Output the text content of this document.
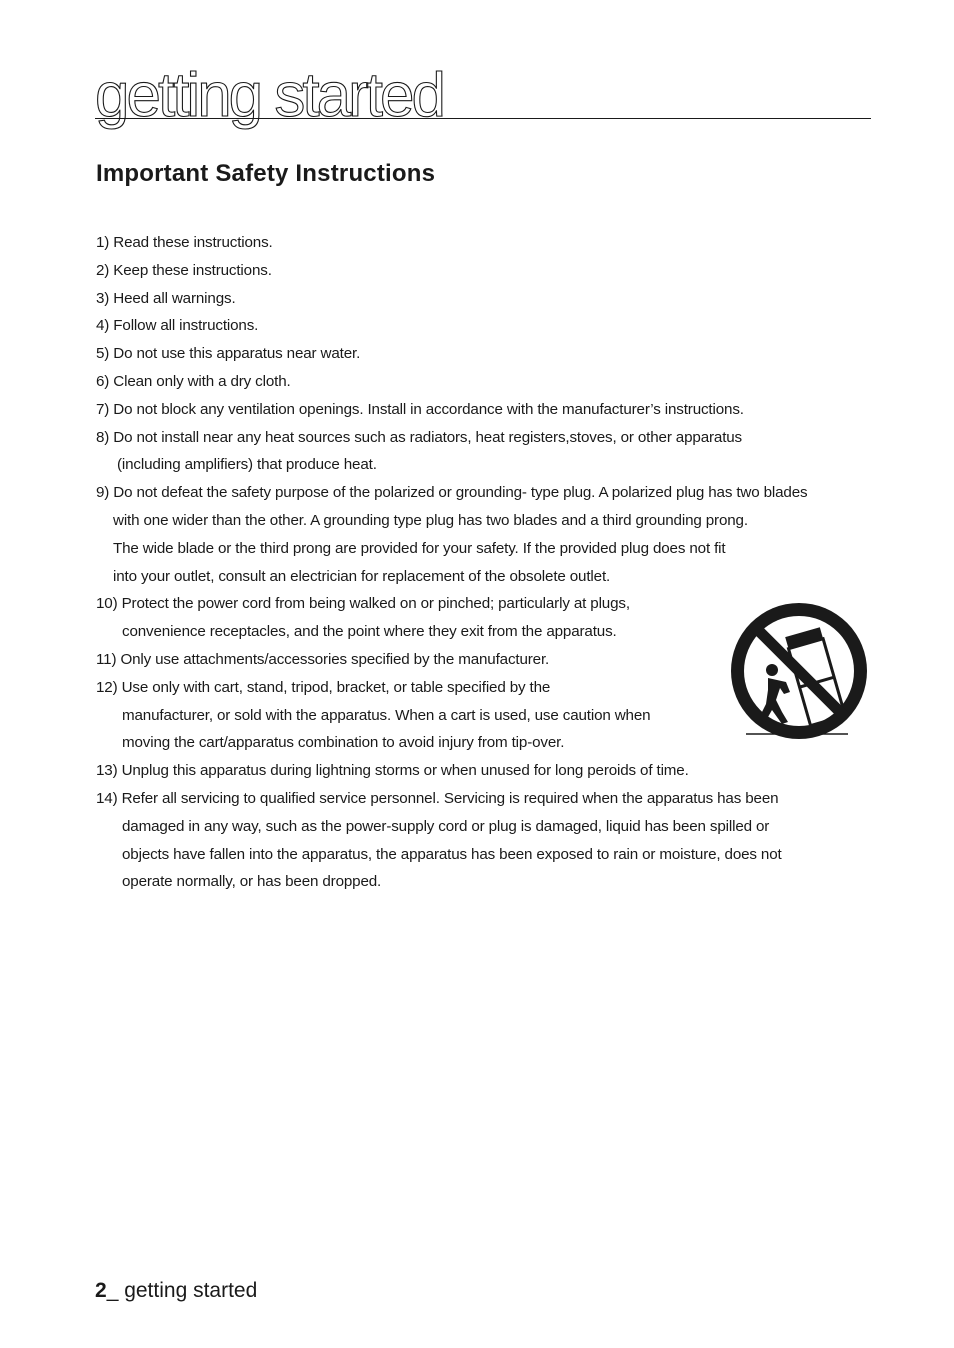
getting started
Important Safety Instructions
1) Read these instructions.
2) Keep these instructions.
3) Heed all warnings.
4) Follow all instructions.
5) Do not use this apparatus near water.
6) Clean only with a dry cloth.
7) Do not block any ventilation openings. Install in accordance with the manufacturer’s instructions.
8) Do not install near any heat sources such as radiators, heat registers,stoves, or other apparatus
(including amplifiers) that produce heat.
9) Do not defeat the safety purpose of the polarized or grounding- type plug. A polarized plug has two blades
with one wider than the other. A grounding type plug has two blades and a third grounding prong.
The wide blade or the third prong are provided for your safety. If the provided plug does not fit
into your outlet, consult an electrician for replacement of the obsolete outlet.
10) Protect the power cord from being walked on or pinched; particularly at plugs,
convenience receptacles, and the point where they exit from the apparatus.
11) Only use attachments/accessories specified by the manufacturer.
12) Use only with cart, stand, tripod, bracket, or table specified by the
manufacturer, or sold with the apparatus. When a cart is used, use caution when
moving the cart/apparatus combination to avoid injury from tip-over.
13) Unplug this apparatus during lightning storms or when unused for long peroids of time.
14) Refer all servicing to qualified service personnel. Servicing is required when the apparatus has been
damaged in any way, such as the power-supply cord or plug is damaged, liquid has been spilled or
objects have fallen into the apparatus, the apparatus has been exposed to rain or moisture, does not
operate normally, or has been dropped.
2_ getting started
